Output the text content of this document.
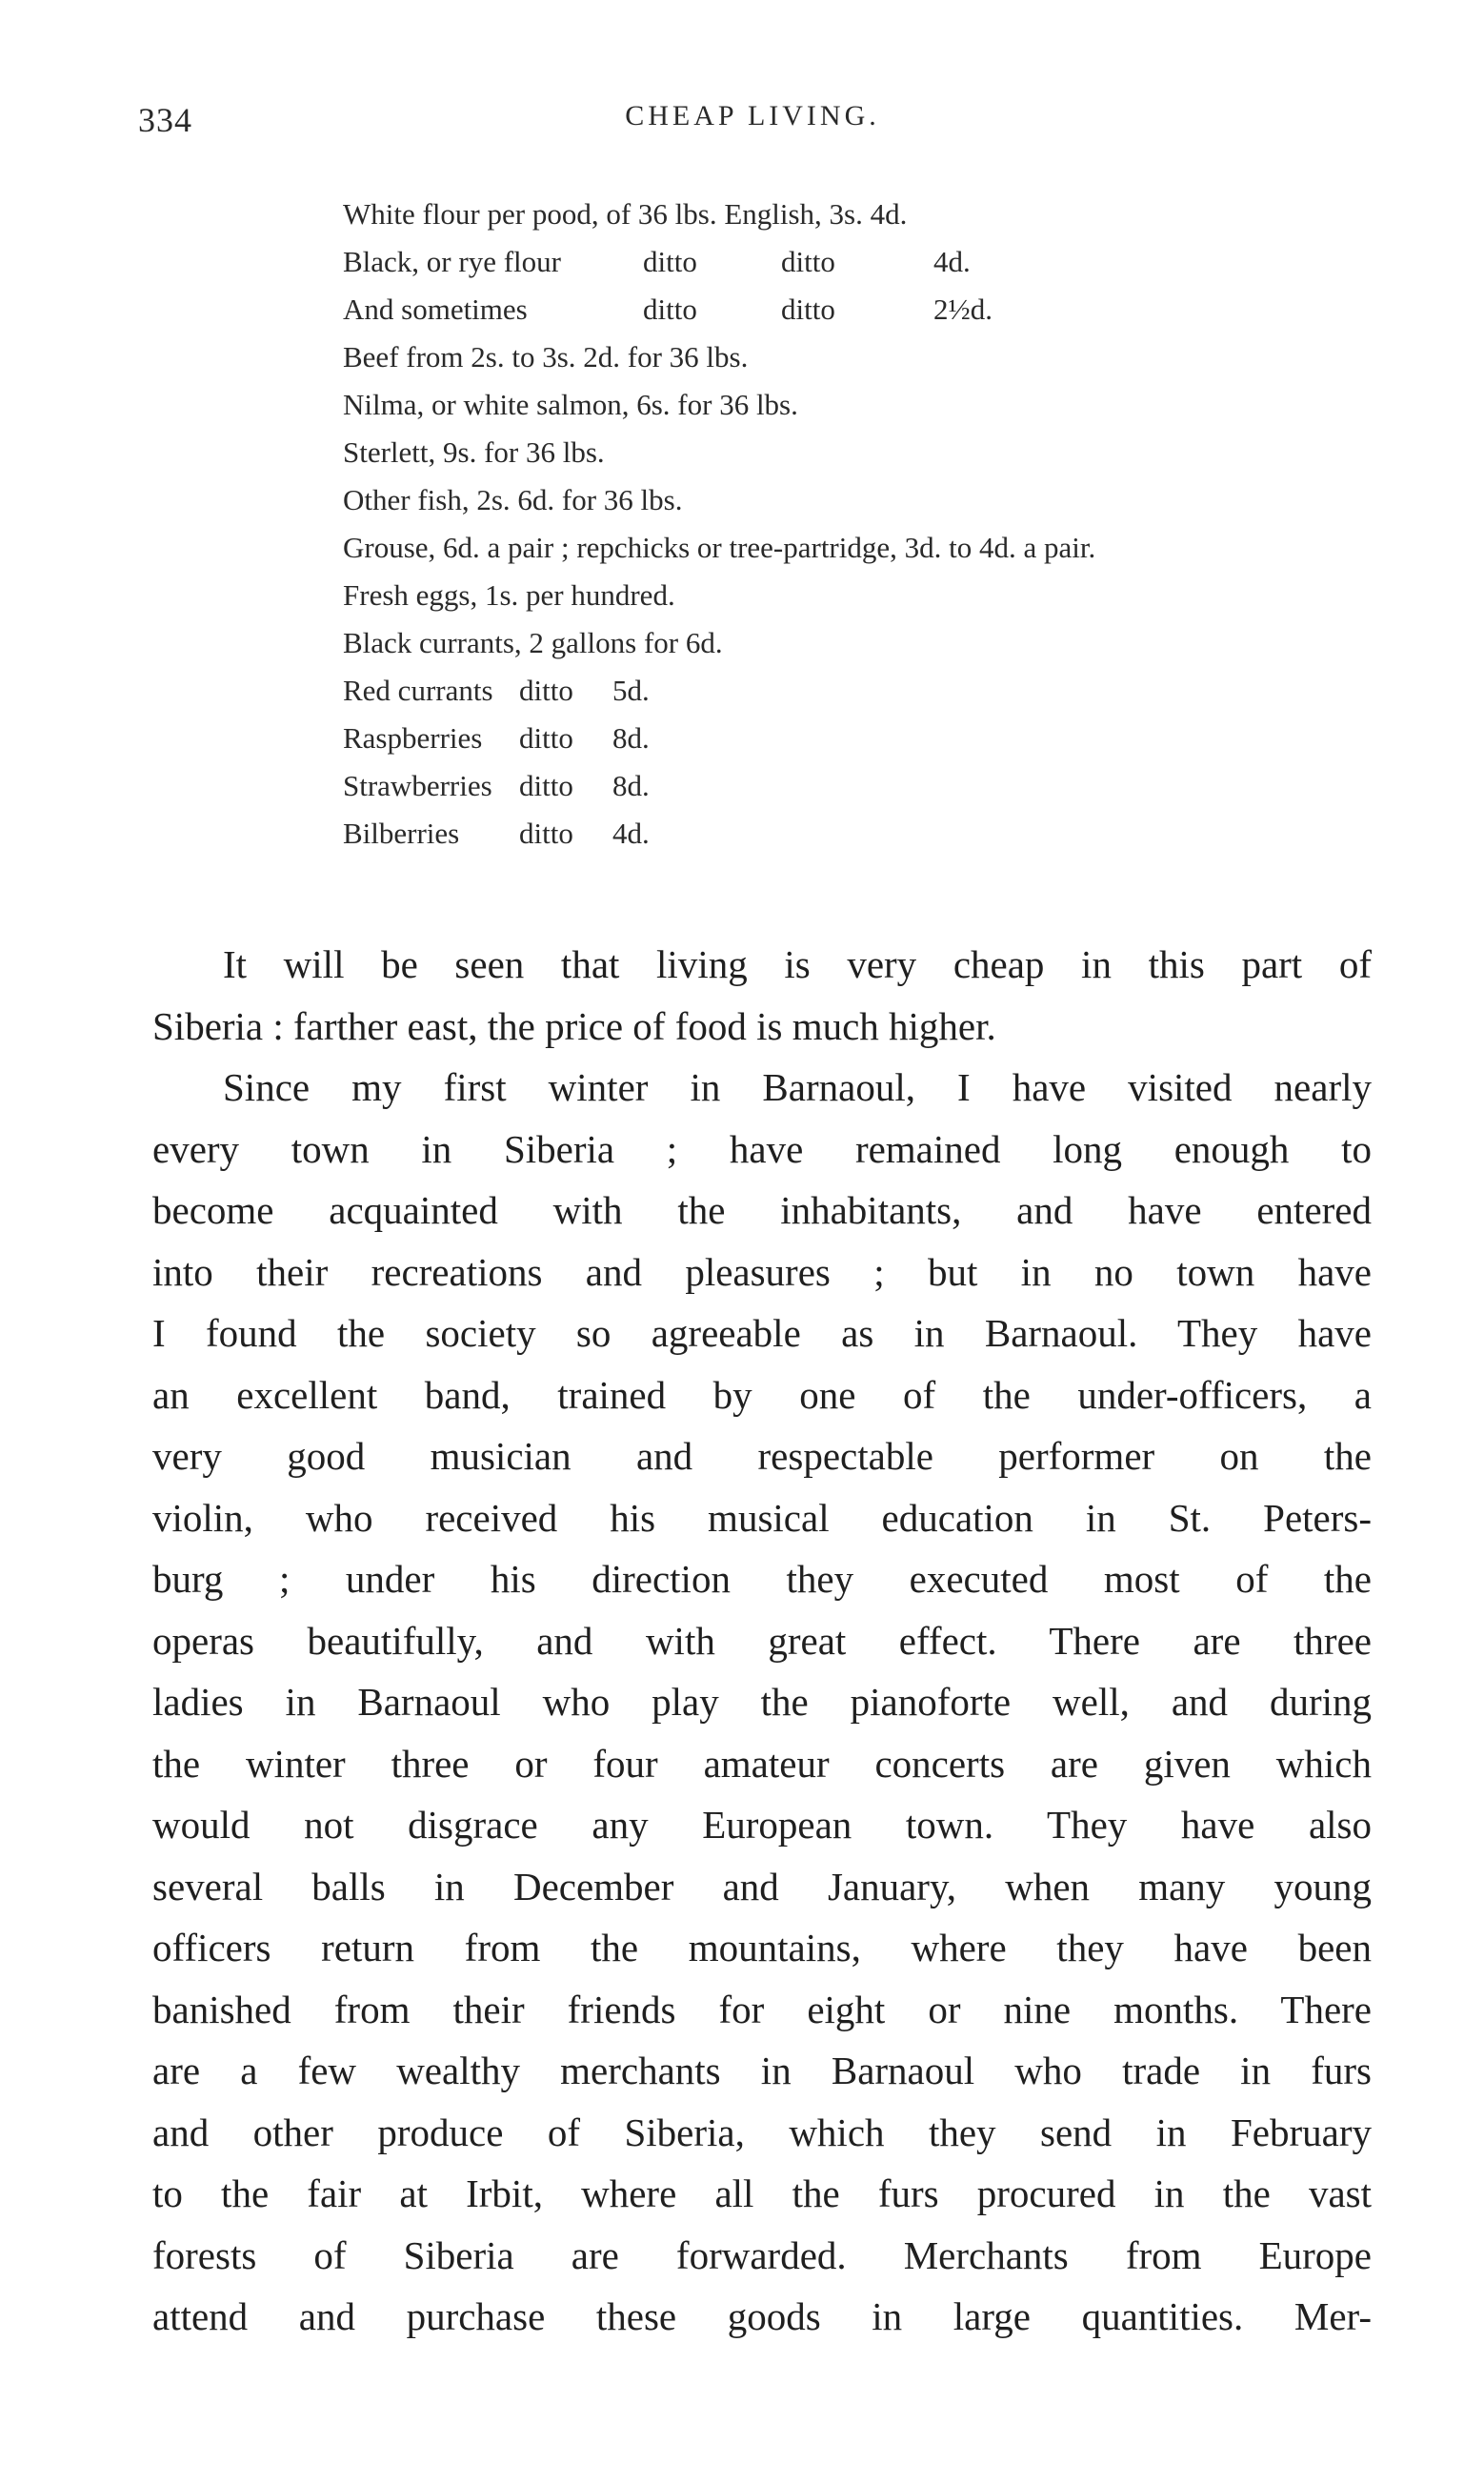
334	CHEAP LIVING.
White flour per pood, of 36 lbs. English, 3s. 4d.
Black, or rye flour	ditto	ditto	4d.
And sometimes	ditto	ditto	2½d.
Beef from 2s. to 3s. 2d. for 36 lbs.
Nilma, or white salmon, 6s. for 36 lbs.
Sterlett, 9s. for 36 lbs.
Other fish, 2s. 6d. for 36 lbs.
Grouse, 6d. a pair ; repchicks or tree-partridge, 3d. to 4d. a pair.
Fresh eggs, 1s. per hundred.
Black currants, 2 gallons for 6d.
Red currants ditto 5d.
Raspberries ditto 8d.
Strawberries ditto 8d.
Bilberries ditto 4d.
It will be seen that living is very cheap in this part of
Siberia : farther east, the price of food is much higher.
Since my first winter in Barnaoul, I have visited nearly
every town in Siberia ; have remained long enough to
become acquainted with the inhabitants, and have entered
into their recreations and pleasures ; but in no town have
I found the society so agreeable as in Barnaoul. They have
an excellent band, trained by one of the under-officers, a
very good musician and respectable performer on the
violin, who received his musical education in St. Peters-
burg ; under his direction they executed most of the
operas beautifully, and with great effect. There are three
ladies in Barnaoul who play the pianoforte well, and during
the winter three or four amateur concerts are given which
would not disgrace any European town. They have also
several balls in December and January, when many young
officers return from the mountains, where they have been
banished from their friends for eight or nine months. There
are a few wealthy merchants in Barnaoul who trade in furs
and other produce of Siberia, which they send in February
to the fair at Irbit, where all the furs procured in the vast
forests of Siberia are forwarded. Merchants from Europe
attend and purchase these goods in large quantities. Mer-
